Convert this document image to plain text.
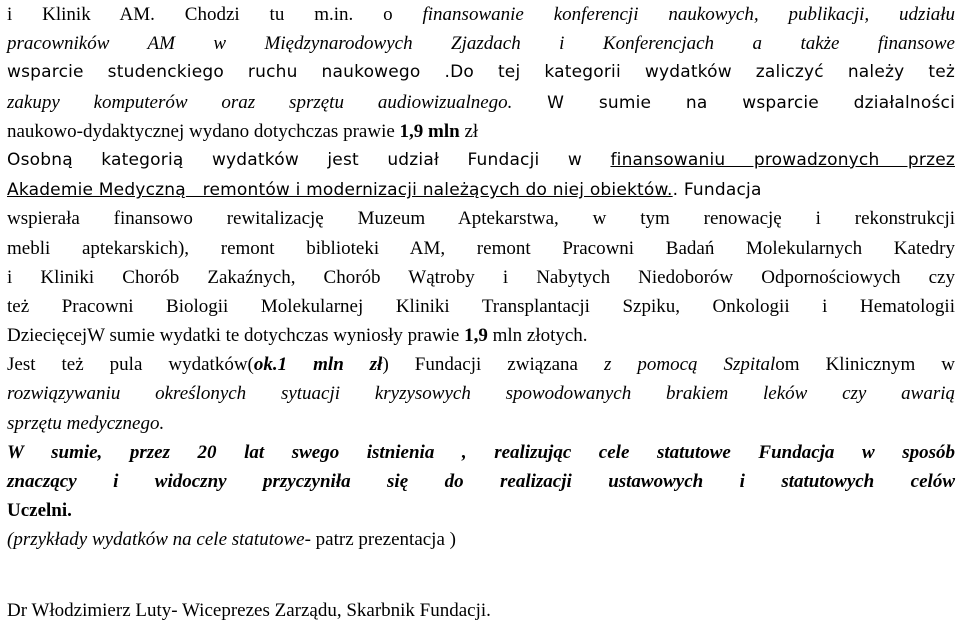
i Klinik AM. Chodzi tu m.in. o finansowanie konferencji naukowych, publikacji, udziału
pracowników AM w Międzynarodowych Zjazdach i Konferencjach a także finansowe
wsparcie studenckiego ruchu naukowego .Do tej kategorii wydatków zaliczyć należy też
zakupy komputerów oraz sprzętu audiowizualnego. W sumie na wsparcie działalności
naukowo-dydaktycznej wydano dotychczas prawie 1,9 mln zł
Osobną kategorią wydatków jest udział Fundacji w finansowaniu prowadzonych przez
Akademie Medyczną   remontów i modernizacji należących do niej obiektów.. Fundacja
wspierała finansowo rewitalizację Muzeum Aptekarstwa, w tym renowację i rekonstrukcji
mebli aptekarskich), remont biblioteki AM, remont Pracowni Badań Molekularnych Katedry
i Kliniki Chorób Zakaźnych, Chorób Wątroby i Nabytych Niedoborów Odpornościowych czy
też Pracowni Biologii Molekularnej Kliniki Transplantacji Szpiku, Onkologii i Hematologii
DziecięcejW sumie wydatki te dotychczas wyniosły prawie 1,9 mln złotych.
Jest też pula wydatków(ok.1 mln zł) Fundacji związana z pomocą Szpitalom Klinicznym w
rozwiązywaniu określonych sytuacji kryzysowych spowodowanych brakiem leków czy awarią
sprzętu medycznego.
W sumie, przez 20 lat swego istnienia , realizując cele statutowe Fundacja w sposób
znaczący i widoczny przyczyniła się do realizacji ustawowych i statutowych celów
Uczelni.
(przykłady wydatków na cele statutowe- patrz prezentacja )
Dr Włodzimierz Luty- Wiceprezes Zarządu, Skarbnik Fundacji.
